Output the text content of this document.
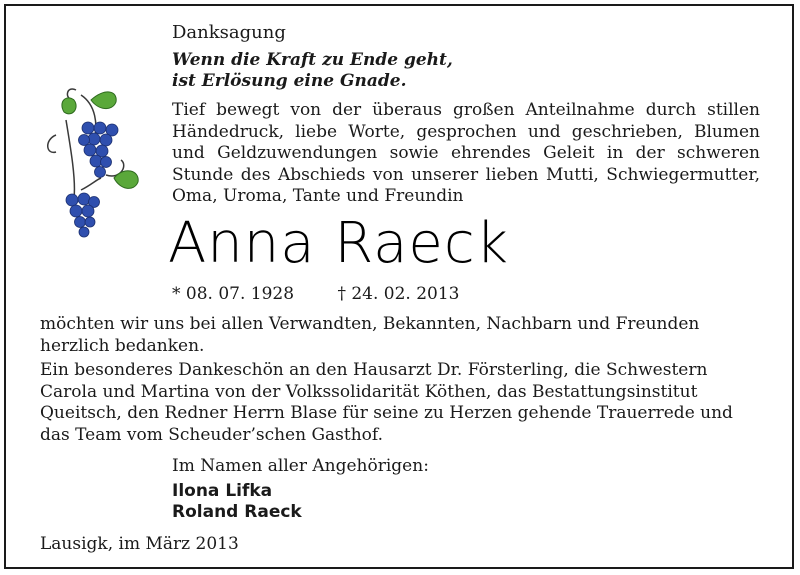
Danksagung
Wenn die Kraft zu Ende geht,
ist Erlösung eine Gnade.
Tief bewegt von der überaus großen Anteilnahme durch stillen Händedruck, liebe Worte, gesprochen und geschrieben, Blumen und Geldzuwendungen sowie ehrendes Geleit in der schweren Stunde des Abschieds von unserer lieben Mutti, Schwiegermutter, Oma, Uroma, Tante und Freundin
Anna Raeck
* 08. 07. 1928	† 24. 02. 2013
möchten wir uns bei allen Verwandten, Bekannten, Nachbarn und Freunden herzlich bedanken.
Ein besonderes Dankeschön an den Hausarzt Dr. Försterling, die Schwestern Carola und Martina von der Volkssolidarität Köthen, das Bestattungsinstitut Queitsch, den Redner Herrn Blase für seine zu Herzen gehende Trauerrede und das Team vom Scheuder’schen Gasthof.
Im Namen aller Angehörigen:
Ilona Lifka
Roland Raeck
Lausigk, im März 2013
